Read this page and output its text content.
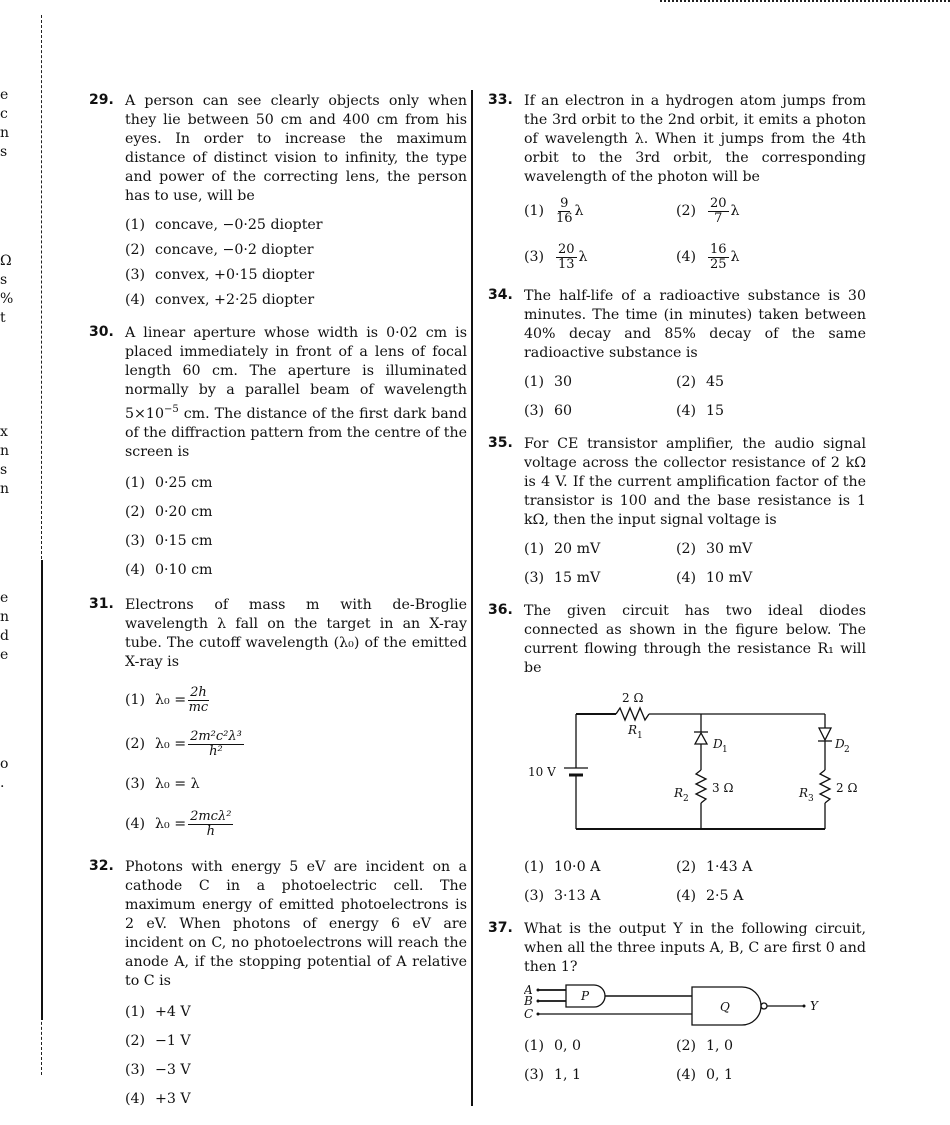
e
c
n
s
Ω
s
%
t
x
n
s
n
e
n
d
e
o
.
29. A person can see clearly objects only when they lie between 50 cm and 400 cm from his eyes. In order to increase the maximum distance of distinct vision to infinity, the type and power of the correcting lens, the person has to use, will be
(1) concave, −0·25 diopter
(2) concave, −0·2 diopter
(3) convex, +0·15 diopter
(4) convex, +2·25 diopter
30. A linear aperture whose width is 0·02 cm is placed immediately in front of a lens of focal length 60 cm. The aperture is illuminated normally by a parallel beam of wavelength $5\times 10^{-5}$ cm. The distance of the first dark band of the diffraction pattern from the centre of the screen is
(1) 0·25 cm
(2) 0·20 cm
(3) 0·15 cm
(4) 0·10 cm
31. Electrons of mass m with de-Broglie wavelength λ fall on the target in an X-ray tube. The cutoff wavelength (λ₀) of the emitted X-ray is
(1) $\lambda_0 = \frac{2h}{mc}$
(2) $\lambda_0 = \frac{\text{2m²c²λ³}}{\text{h²}}$
(3) λ₀ =
λ
(4) $\lambda_0 = \frac{\text{2mcλ²}}{h}$
32. Photons with energy 5 eV are incident on a cathode C in a photoelectric cell. The maximum energy of emitted photoelectrons is 2 eV. When photons of energy 6 eV are incident on C, no photoelectrons will reach the anode A, if the stopping potential of A relative to C is
(1) +4 V
(2) −1 V
(3) −3 V
(4) +3 V
33. If an electron in a hydrogen atom jumps from the 3rd orbit to the 2nd orbit, it emits a photon of wavelength λ. When it jumps from the 4th orbit to the 3rd orbit, the corresponding wavelength of the photon will be
$(1) \frac{9}{16}$ λ	$(2) \frac{20}{7}$ λ
$(3) \frac{20}{13}$ λ	$(4) \frac{16}{25}$ λ
34. The half-life of a radioactive substance is 30 minutes. The time (in minutes) taken between 40% decay and 85% decay of the same radioactive substance is
(1) 30	(2) 45
(3) 60	(4) 15
35. For CE transistor amplifier, the audio signal voltage across the collector resistance of 2 kΩ is 4 V. If the current amplification factor of the transistor is 100 and the base resistance is 1 kΩ, then the input signal voltage is
(1) 20 mV	(2) 30 mV
(3) 15 mV	(4) 10 mV
36. The given circuit has two ideal diodes connected as shown in the figure below. The current flowing through the resistance R₁ will be
2 Ω
R 1
10 V
D 1	D 2
3 Ω
R 2
2 Ω
R 3
(1) 10·0 A	(2) 1·43 A
(3) 3·13 A	(4) 2·5 A
37. What is the output Y in the following circuit, when all the three inputs A, B, C are first 0 and then 1?
A
B
C
P
Q	Y
(1) 0, 0	(2) 1, 0
(3) 1, 1	(4) 0, 1
